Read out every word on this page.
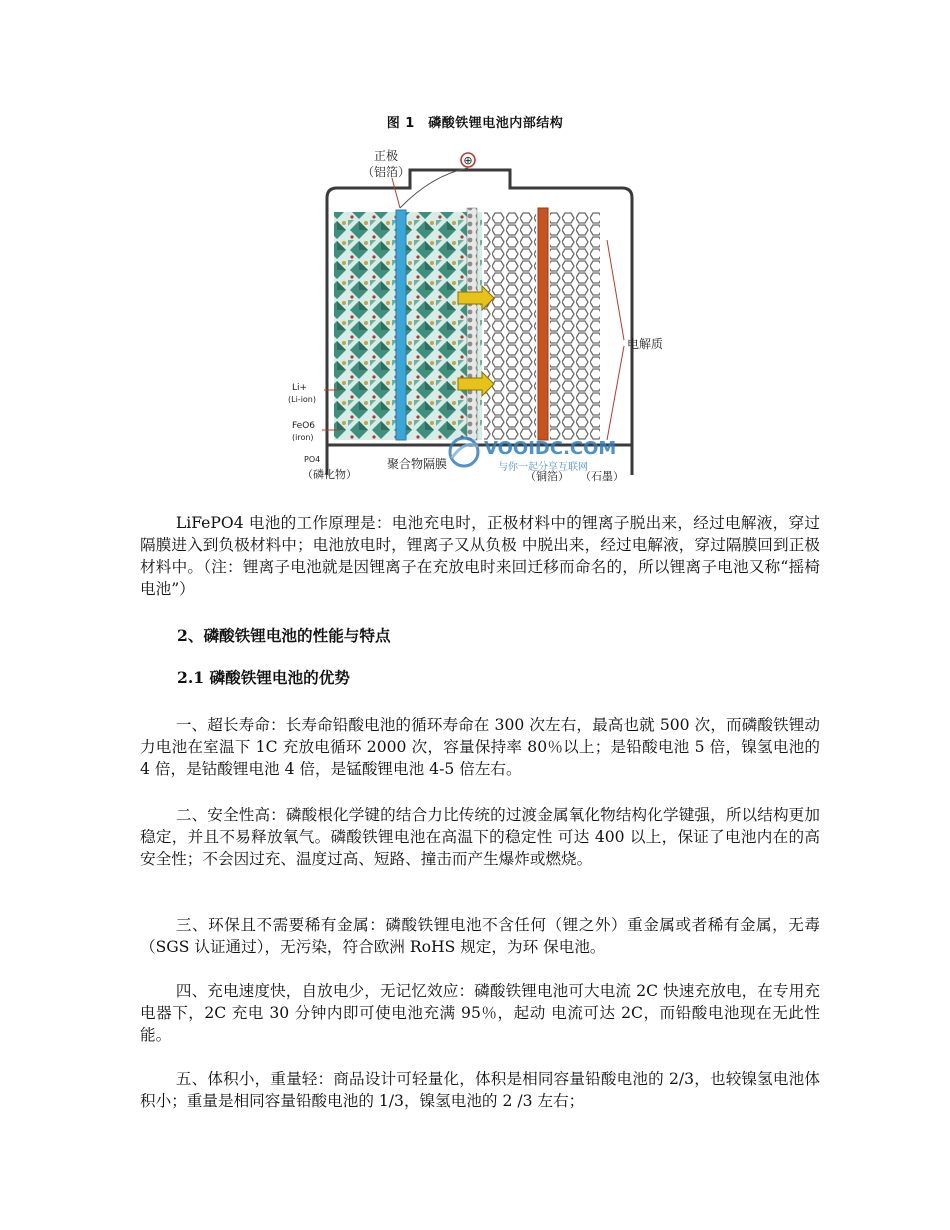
图 1　磷酸铁锂电池内部结构
⊕
正极
（铝箔）
电解质
Li+
(Li-ion)
FeO6
(iron)
PO4
（磷化物）
聚合物隔膜
（铜箔） （石墨）
VOOIDC.COM
与你一起分享互联网

LiFePO4 电池的工作原理是：电池充电时，正极材料中的锂离子脱出来，经过电解液，穿过隔膜进入到负极材料中；电池放电时，锂离子又从负极 中脱出来，经过电解液，穿过隔膜回到正极材料中。（注：锂离子电池就是因锂离子在充放电时来回迁移而命名的，所以锂离子电池又称“摇椅电池”）

2、磷酸铁锂电池的性能与特点

2.1 磷酸铁锂电池的优势

一、超长寿命：长寿命铅酸电池的循环寿命在 300 次左右，最高也就 500 次，而磷酸铁锂动力电池在室温下 1C 充放电循环 2000 次，容量保持率 80％以上；是铅酸电池 5 倍，镍氢电池的 4 倍，是钴酸锂电池 4 倍，是锰酸锂电池 4-5 倍左右。

二、安全性高：磷酸根化学键的结合力比传统的过渡金属氧化物结构化学键强，所以结构更加稳定，并且不易释放氧气。磷酸铁锂电池在高温下的稳定性 可达 400 以上，保证了电池内在的高安全性；不会因过充、温度过高、短路、撞击而产生爆炸或燃烧。

三、环保且不需要稀有金属：磷酸铁锂电池不含任何（锂之外）重金属或者稀有金属，无毒（SGS 认证通过），无污染，符合欧洲 RoHS 规定，为环 保电池。

四、充电速度快，自放电少，无记忆效应：磷酸铁锂电池可大电流 2C 快速充放电，在专用充电器下，2C 充电 30 分钟内即可使电池充满 95％，起动 电流可达 2C，而铅酸电池现在无此性能。

五、体积小，重量轻：商品设计可轻量化，体积是相同容量铅酸电池的 2/3，也较镍氢电池体积小；重量是相同容量铅酸电池的 1/3，镍氢电池的 2 /3 左右；
